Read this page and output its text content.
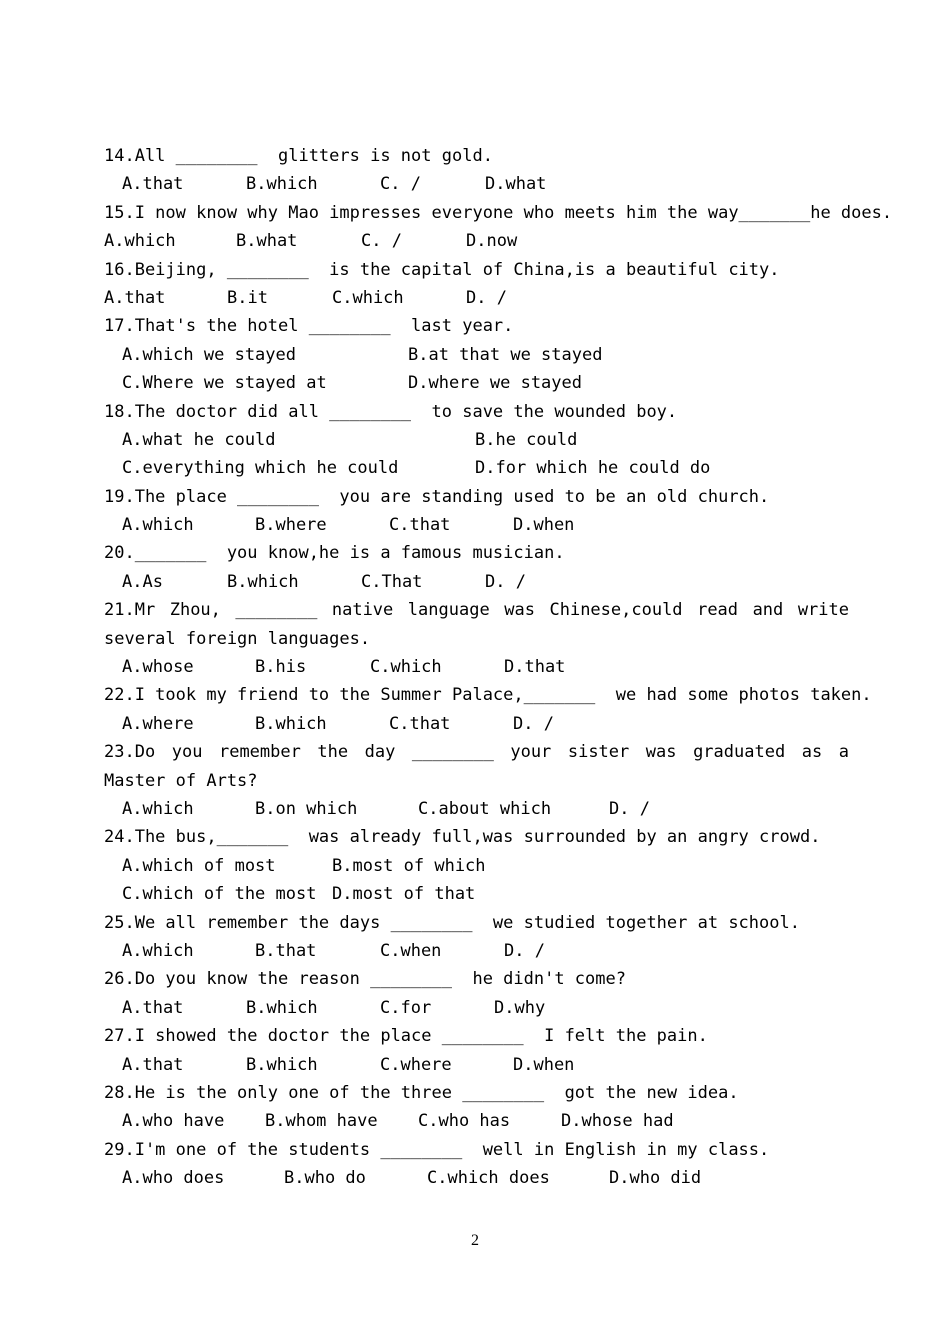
14.All ________  glitters is not gold.
A.that	B.which	C. /	D.what
15.I now know why Mao impresses everyone who meets him the way_______he does.
A.which	B.what	C. /	D.now
16.Beijing, ________  is the capital of China,is a beautiful city.
A.that	B.it	C.which	D. /
17.That's the hotel ________  last year.
A.which we stayed	B.at that we stayed
C.Where we stayed at	D.where we stayed
18.The doctor did all ________  to save the wounded boy.
A.what he could	B.he could
C.everything which he could	D.for which he could do
19.The place ________  you are standing used to be an old church.
A.which	B.where	C.that	D.when
20._______  you know,he is a famous musician.
A.As	B.which	C.That	D. /
21.Mr Zhou, ________ native language was Chinese,could read and write several foreign languages.
A.whose	B.his	C.which	D.that
22.I took my friend to the Summer Palace,_______  we had some photos taken.
A.where	B.which	C.that	D. /
23.Do you remember the day ________ your sister was graduated as a Master of Arts?
A.which	B.on which	C.about which	D. /
24.The bus,_______  was already full,was surrounded by an angry crowd.
A.which of most	B.most of which
C.which of the most D.most of that
25.We all remember the days ________  we studied together at school.
A.which	B.that	C.when	D. /
26.Do you know the reason ________  he didn't come?
A.that	B.which	C.for	D.why
27.I showed the doctor the place ________  I felt the pain.
A.that	B.which	C.where	D.when
28.He is the only one of the three ________  got the new idea.
A.who have B.whom have C.who has	D.whose had
29.I'm one of the students ________  well in English in my class.
A.who does	B.who do	C.which does	D.who did
2
